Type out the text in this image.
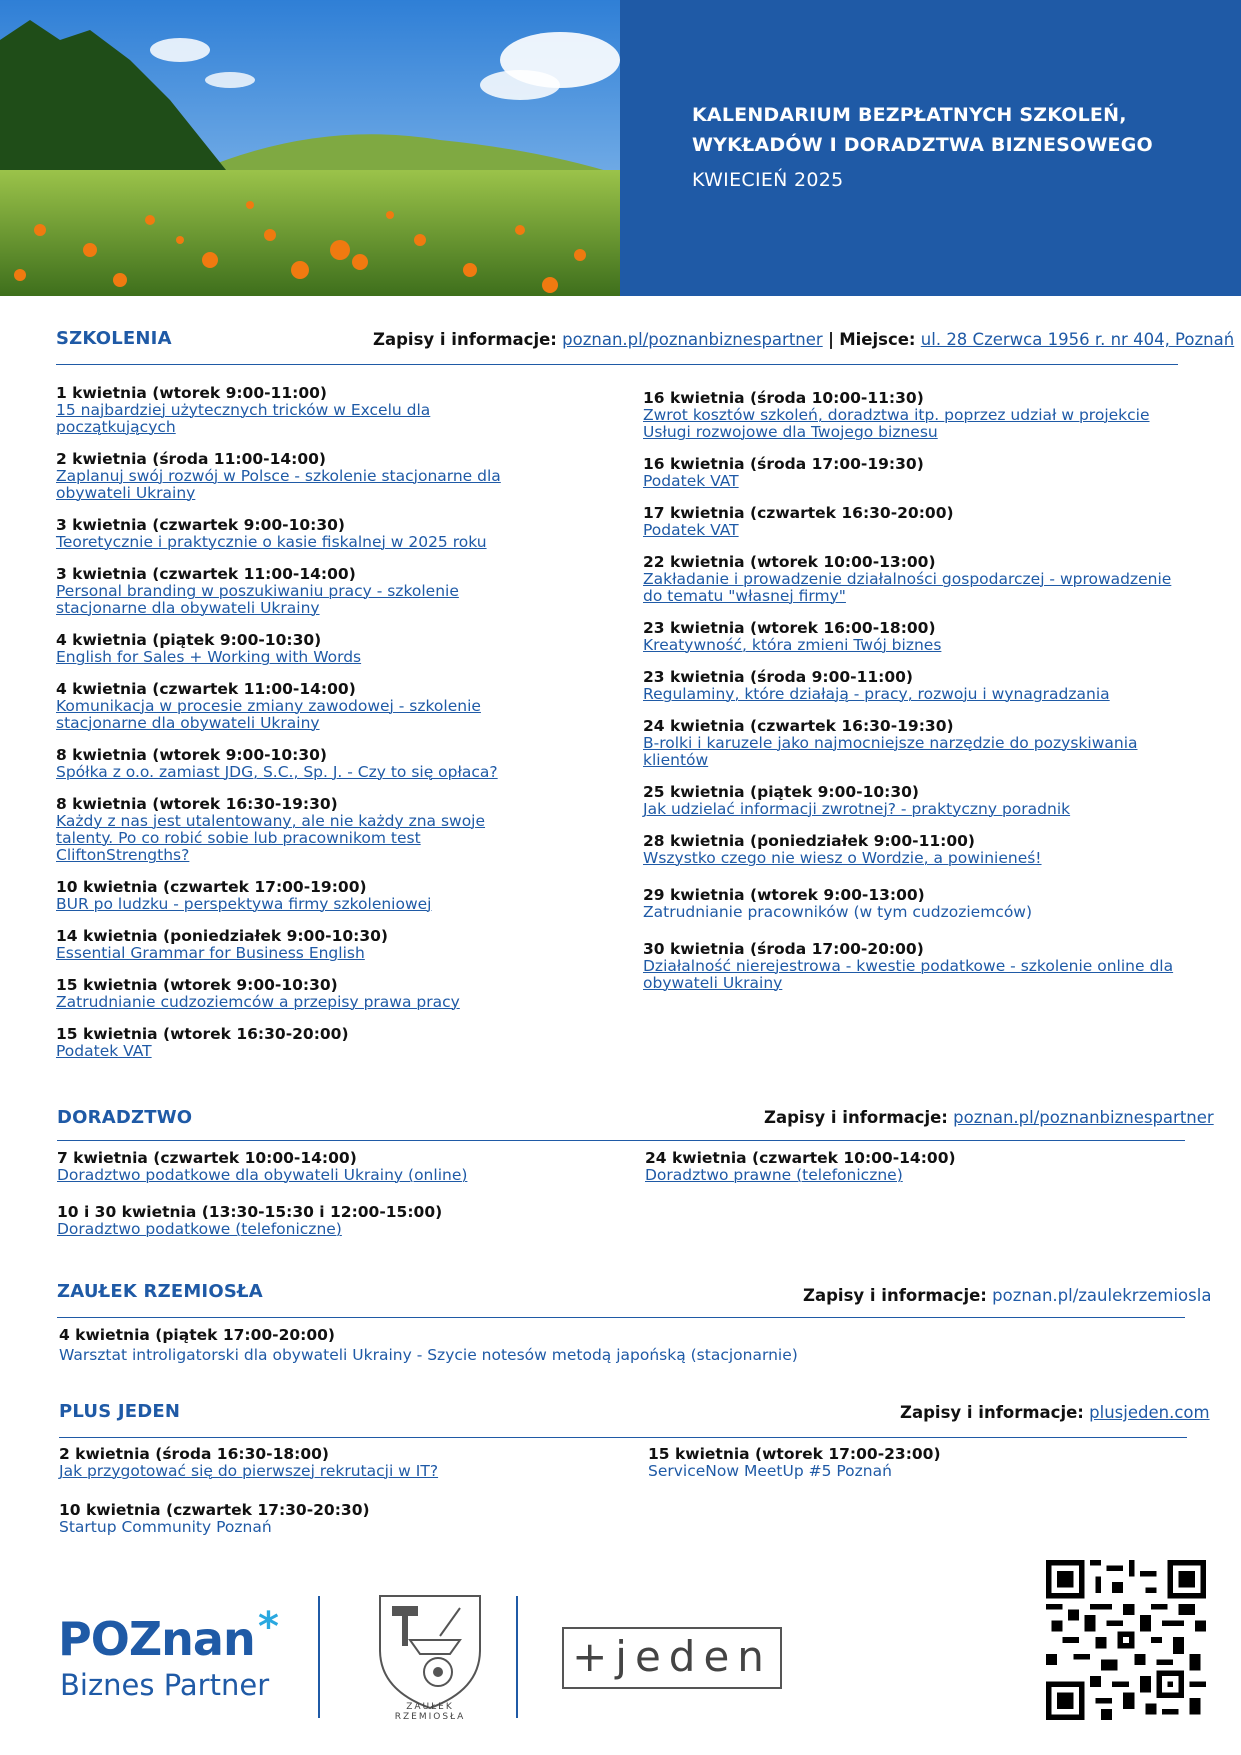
KALENDARIUM BEZPŁATNYCH SZKOLEŃ,
WYKŁADÓW I DORADZTWA BIZNESOWEGO
KWIECIEŃ 2025
SZKOLENIA	Zapisy i informacje: poznan.pl/poznanbiznespartner | Miejsce: ul. 28 Czerwca 1956 r. nr 404, Poznań
1 kwietnia (wtorek 9:00-11:00)
15 najbardziej użytecznych tricków w Excelu dla początkujących
2 kwietnia (środa 11:00-14:00)
Zaplanuj swój rozwój w Polsce - szkolenie stacjonarne dla obywateli Ukrainy
3 kwietnia (czwartek 9:00-10:30)
Teoretycznie i praktycznie o kasie fiskalnej w 2025 roku
3 kwietnia (czwartek 11:00-14:00)
Personal branding w poszukiwaniu pracy - szkolenie stacjonarne dla obywateli Ukrainy
4 kwietnia (piątek 9:00-10:30)
English for Sales + Working with Words
4 kwietnia (czwartek 11:00-14:00)
Komunikacja w procesie zmiany zawodowej - szkolenie stacjonarne dla obywateli Ukrainy
8 kwietnia (wtorek 9:00-10:30)
Spółka z o.o. zamiast JDG, S.C., Sp. J. - Czy to się opłaca?
8 kwietnia (wtorek 16:30-19:30)
Każdy z nas jest utalentowany, ale nie każdy zna swoje talenty. Po co robić sobie lub pracownikom test CliftonStrengths?
10 kwietnia (czwartek 17:00-19:00)
BUR po ludzku - perspektywa firmy szkoleniowej
14 kwietnia (poniedziałek 9:00-10:30)
Essential Grammar for Business English
15 kwietnia (wtorek 9:00-10:30)
Zatrudnianie cudzoziemców a przepisy prawa pracy
15 kwietnia (wtorek 16:30-20:00)
Podatek VAT
16 kwietnia (środa 10:00-11:30)
Zwrot kosztów szkoleń, doradztwa itp. poprzez udział w projekcie Usługi rozwojowe dla Twojego biznesu
16 kwietnia (środa 17:00-19:30)
Podatek VAT
17 kwietnia (czwartek 16:30-20:00)
Podatek VAT
22 kwietnia (wtorek 10:00-13:00)
Zakładanie i prowadzenie działalności gospodarczej - wprowadzenie do tematu "własnej firmy"
23 kwietnia (wtorek 16:00-18:00)
Kreatywność, która zmieni Twój biznes
23 kwietnia (środa 9:00-11:00)
Regulaminy, które działają - pracy, rozwoju i wynagradzania
24 kwietnia (czwartek 16:30-19:30)
B-rolki i karuzele jako najmocniejsze narzędzie do pozyskiwania klientów
25 kwietnia (piątek 9:00-10:30)
Jak udzielać informacji zwrotnej? - praktyczny poradnik
28 kwietnia (poniedziałek 9:00-11:00)
Wszystko czego nie wiesz o Wordzie, a powinieneś!
29 kwietnia (wtorek 9:00-13:00)
Zatrudnianie pracowników (w tym cudzoziemców)
30 kwietnia (środa 17:00-20:00)
Działalność nierejestrowa - kwestie podatkowe - szkolenie online dla obywateli Ukrainy
DORADZTWO	Zapisy i informacje: poznan.pl/poznanbiznespartner
7 kwietnia (czwartek 10:00-14:00)
Doradztwo podatkowe dla obywateli Ukrainy (online)
10 i 30 kwietnia (13:30-15:30 i 12:00-15:00)
Doradztwo podatkowe (telefoniczne)
24 kwietnia (czwartek 10:00-14:00)
Doradztwo prawne (telefoniczne)
ZAUŁEK RZEMIOSŁA	Zapisy i informacje: poznan.pl/zaulekrzemiosla
4 kwietnia (piątek 17:00-20:00)
Warsztat introligatorski dla obywateli Ukrainy - Szycie notesów metodą japońską (stacjonarnie)
PLUS JEDEN	Zapisy i informacje: plusjeden.com
2 kwietnia (środa 16:30-18:00)
Jak przygotować się do pierwszej rekrutacji w IT?
10 kwietnia (czwartek 17:30-20:30)
Startup Community Poznań
15 kwietnia (wtorek 17:00-23:00)
ServiceNow MeetUp #5 Poznań
POZnan *
Biznes Partner
ZAUŁEK RZEMIOSŁA
+jeden
